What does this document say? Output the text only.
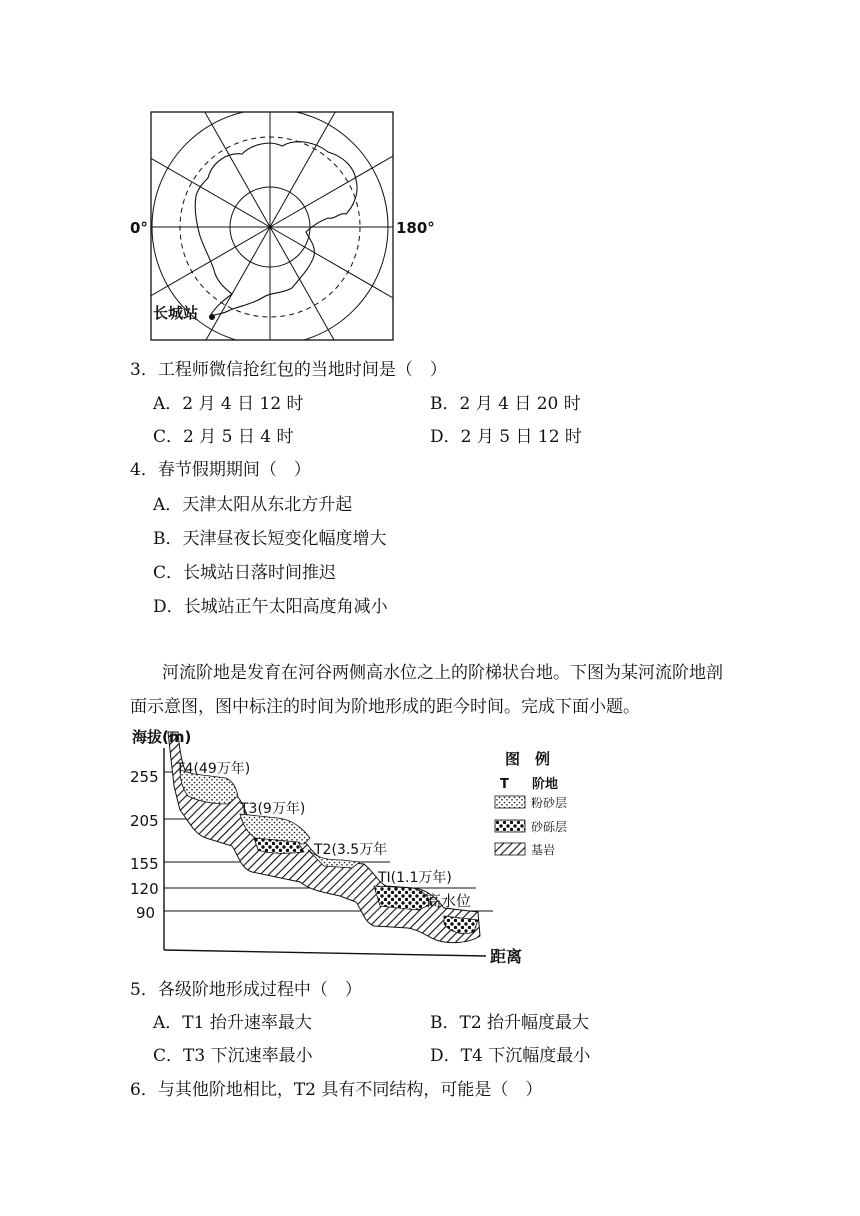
0°	180°
长城站
3．工程师微信抢红包的当地时间是（　）
A．2 月 4 日 12 时	B．2 月 4 日 20 时
C．2 月 5 日 4 时	D．2 月 5 日 12 时
4．春节假期期间（　）
A．天津太阳从东北方升起
B．天津昼夜长短变化幅度增大
C．长城站日落时间推迟
D．长城站正午太阳高度角减小
河流阶地是发育在河谷两侧高水位之上的阶梯状台地。下图为某河流阶地剖面示意图，图中标注的时间为阶地形成的距今时间。完成下面小题。
海拔(m)
255
205
155
120
90
T4(49万年)
T3(9万年)
T2(3.5万年
TI(1.1万年)
高水位
距离
图　例
T 阶地
粉砂层
砂砾层
基岩
5．各级阶地形成过程中（　）
A．T1 抬升速率最大	B．T2 抬升幅度最大
C．T3 下沉速率最小	D．T4 下沉幅度最小
6．与其他阶地相比，T2 具有不同结构，可能是（　）
